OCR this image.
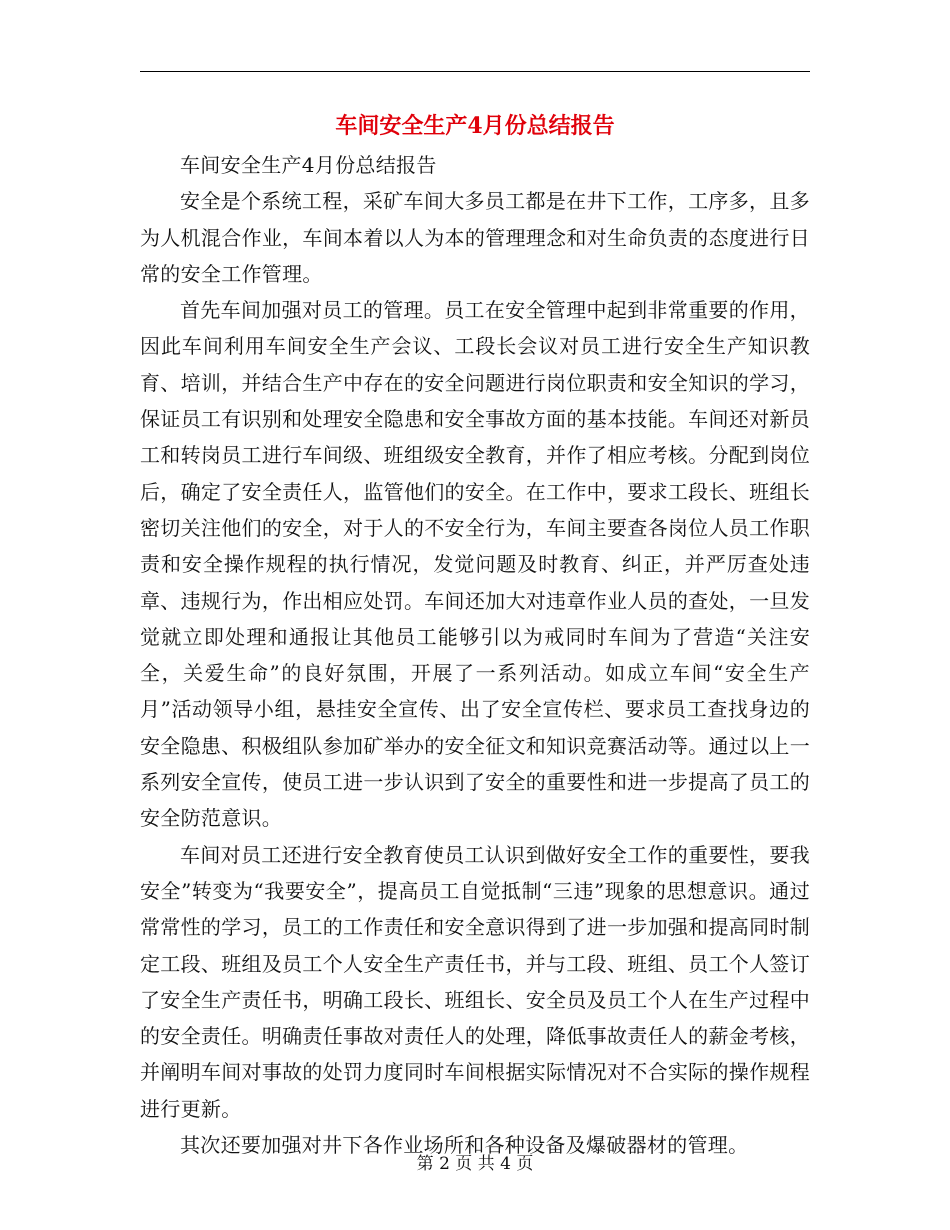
车间安全生产4月份总结报告

车间安全生产4月份总结报告

安全是个系统工程，采矿车间大多员工都是在井下工作，工序多，且多为人机混合作业，车间本着以人为本的管理理念和对生命负责的态度进行日常的安全工作管理。

首先车间加强对员工的管理。员工在安全管理中起到非常重要的作用，因此车间利用车间安全生产会议、工段长会议对员工进行安全生产知识教育、培训，并结合生产中存在的安全问题进行岗位职责和安全知识的学习，保证员工有识别和处理安全隐患和安全事故方面的基本技能。车间还对新员工和转岗员工进行车间级、班组级安全教育，并作了相应考核。分配到岗位后，确定了安全责任人，监管他们的安全。在工作中，要求工段长、班组长密切关注他们的安全，对于人的不安全行为，车间主要查各岗位人员工作职责和安全操作规程的执行情况，发觉问题及时教育、纠正，并严厉查处违章、违规行为，作出相应处罚。车间还加大对违章作业人员的查处，一旦发觉就立即处理和通报让其他员工能够引以为戒同时车间为了营造“关注安全，关爱生命”的良好氛围，开展了一系列活动。如成立车间“安全生产月”活动领导小组，悬挂安全宣传、出了安全宣传栏、要求员工查找身边的安全隐患、积极组队参加矿举办的安全征文和知识竞赛活动等。通过以上一系列安全宣传，使员工进一步认识到了安全的重要性和进一步提高了员工的安全防范意识。

车间对员工还进行安全教育使员工认识到做好安全工作的重要性，要我安全”转变为“我要安全”，提高员工自觉抵制“三违”现象的思想意识。通过常常性的学习，员工的工作责任和安全意识得到了进一步加强和提高同时制定工段、班组及员工个人安全生产责任书，并与工段、班组、员工个人签订了安全生产责任书，明确工段长、班组长、安全员及员工个人在生产过程中的安全责任。明确责任事故对责任人的处理，降低事故责任人的薪金考核，并阐明车间对事故的处罚力度同时车间根据实际情况对不合实际的操作规程进行更新。

其次还要加强对井下各作业场所和各种设备及爆破器材的管理。

第 2 页 共 4 页
